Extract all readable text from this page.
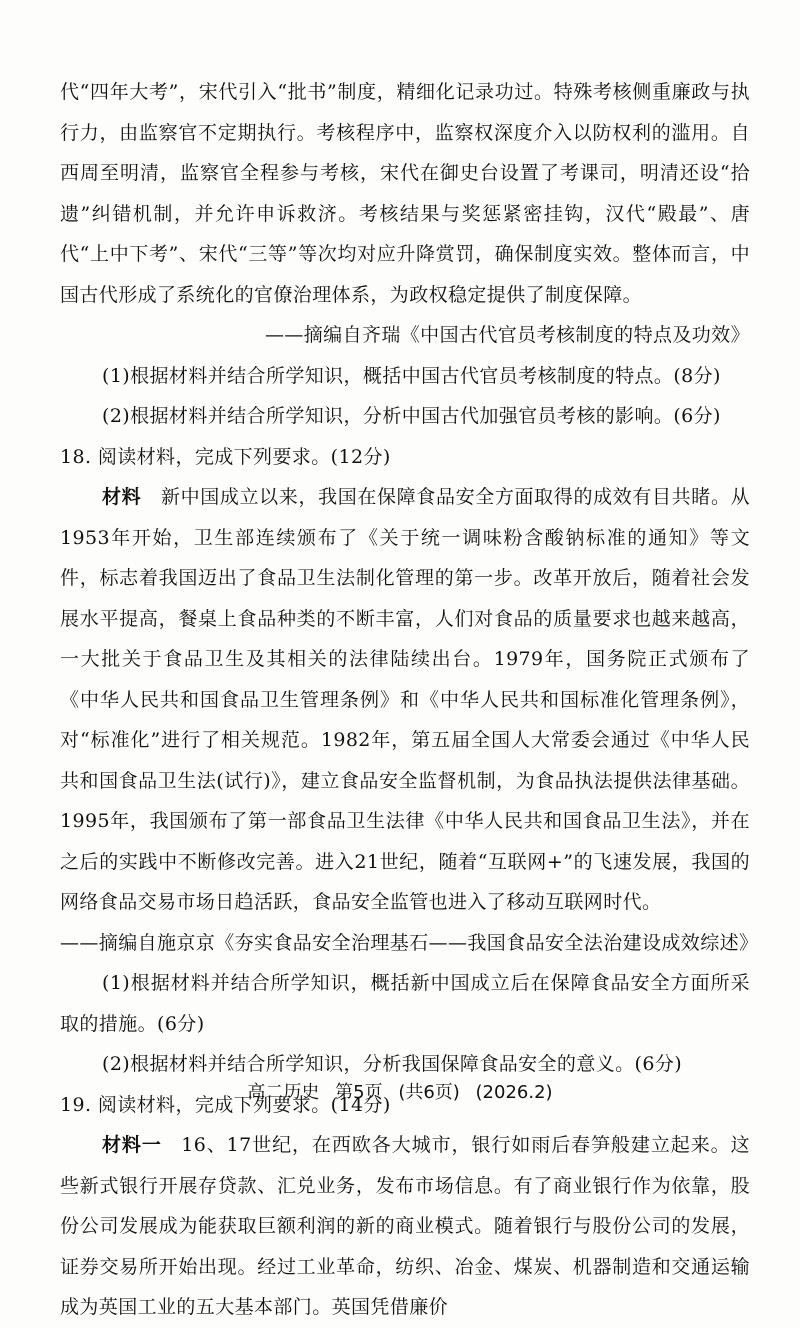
代“四年大考”，宋代引入“批书”制度，精细化记录功过。特殊考核侧重廉政与执行力，由监察官不定期执行。考核程序中，监察权深度介入以防权利的滥用。自西周至明清，监察官全程参与考核，宋代在御史台设置了考课司，明清还设“拾遗”纠错机制，并允许申诉救济。考核结果与奖惩紧密挂钩，汉代“殿最”、唐代“上中下考”、宋代“三等”等次均对应升降赏罚，确保制度实效。整体而言，中国古代形成了系统化的官僚治理体系，为政权稳定提供了制度保障。

——摘编自齐瑞《中国古代官员考核制度的特点及功效》

(1)根据材料并结合所学知识，概括中国古代官员考核制度的特点。(8分)

(2)根据材料并结合所学知识，分析中国古代加强官员考核的影响。(6分)

18. 阅读材料，完成下列要求。(12分)

材料  新中国成立以来，我国在保障食品安全方面取得的成效有目共睹。从1953年开始，卫生部连续颁布了《关于统一调味粉含酸钠标准的通知》等文件，标志着我国迈出了食品卫生法制化管理的第一步。改革开放后，随着社会发展水平提高，餐桌上食品种类的不断丰富，人们对食品的质量要求也越来越高，一大批关于食品卫生及其相关的法律陆续出台。1979年，国务院正式颁布了《中华人民共和国食品卫生管理条例》和《中华人民共和国标准化管理条例》，对“标准化”进行了相关规范。1982年，第五届全国人大常委会通过《中华人民共和国食品卫生法(试行)》，建立食品安全监督机制，为食品执法提供法律基础。1995年，我国颁布了第一部食品卫生法律《中华人民共和国食品卫生法》，并在之后的实践中不断修改完善。进入21世纪，随着“互联网+”的飞速发展，我国的网络食品交易市场日趋活跃，食品安全监管也进入了移动互联网时代。

——摘编自施京京《夯实食品安全治理基石——我国食品安全法治建设成效综述》

(1)根据材料并结合所学知识，概括新中国成立后在保障食品安全方面所采取的措施。(6分)

(2)根据材料并结合所学知识，分析我国保障食品安全的意义。(6分)

19. 阅读材料，完成下列要求。(14分)

材料一  16、17世纪，在西欧各大城市，银行如雨后春笋般建立起来。这些新式银行开展存贷款、汇兑业务，发布市场信息。有了商业银行作为依靠，股份公司发展成为能获取巨额利润的新的商业模式。随着银行与股份公司的发展，证券交易所开始出现。经过工业革命，纺织、冶金、煤炭、机器制造和交通运输成为英国工业的五大基本部门。英国凭借廉价

高二历史 第5页 (共6页) (2026.2)
